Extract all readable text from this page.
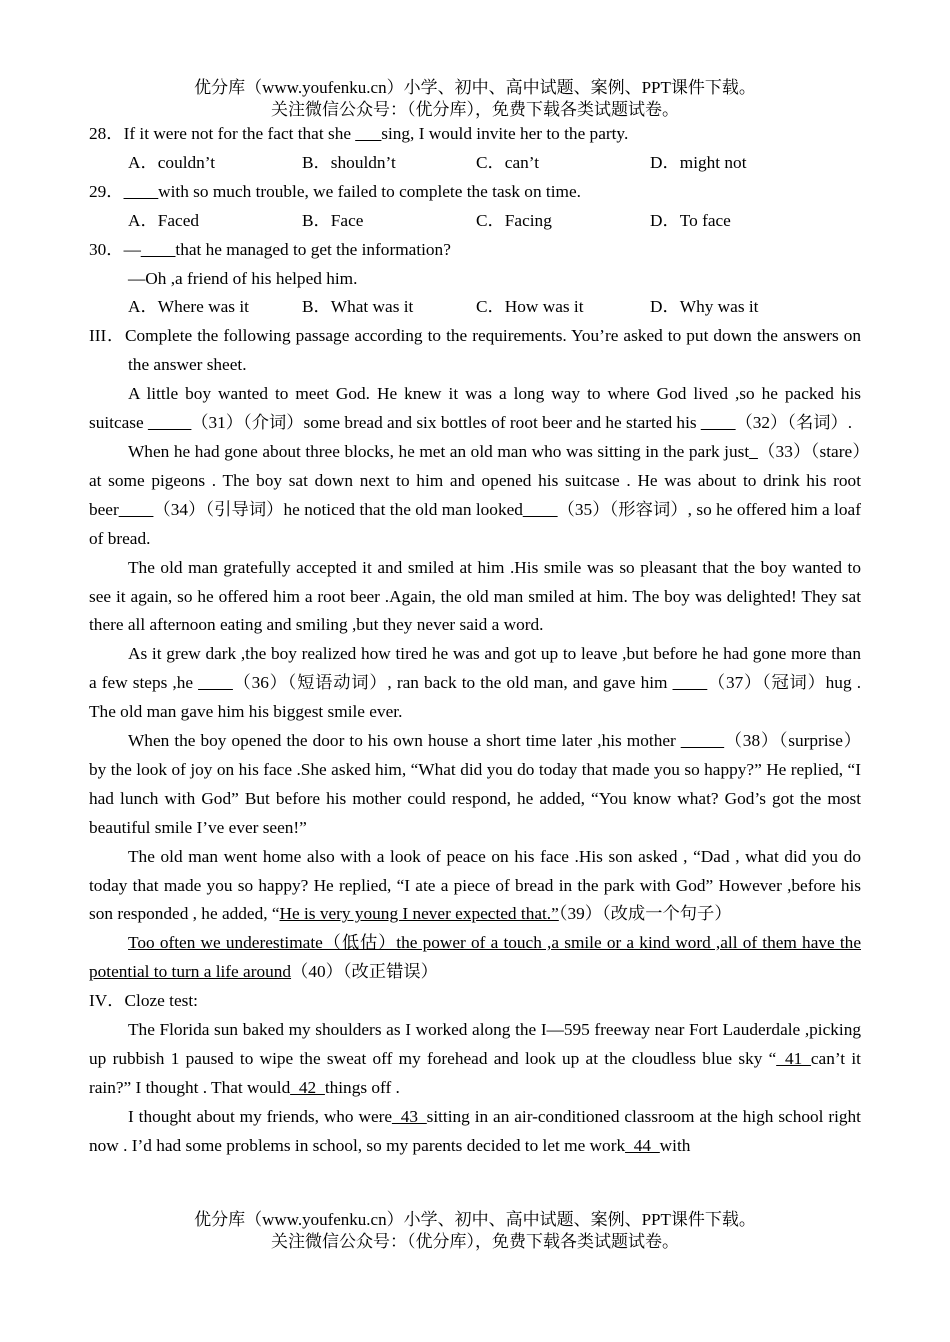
优分库（www.youfenku.cn）小学、初中、高中试题、案例、PPT课件下载。
关注微信公众号：（优分库），免费下载各类试题试卷。
28．If it were not for the fact that she ___sing, I would invite her to the party.
A．couldn’t	B．shouldn’t	C．can’t	D．might not
29．____with so much trouble, we failed to complete the task on time.
A．Faced	B．Face	C．Facing	D．To face
30．—____that he managed to get the information?
—Oh ,a friend of his helped him.
A．Where was it	B．What was it	C．How was it	D．Why was it
III．Complete the following passage according to the requirements. You’re asked to put down the answers on the answer sheet.
A little boy wanted to meet God. He knew it was a long way to where God lived ,so he packed his suitcase _____（31）（介词）some bread and six bottles of root beer and he started his ____（32）（名词）.
When he had gone about three blocks, he met an old man who was sitting in the park just_（33）（stare）at some pigeons . The boy sat down next to him and opened his suitcase . He was about to drink his root beer____（34）（引导词）he noticed that the old man looked____（35）（形容词）, so he offered him a loaf of bread.
The old man gratefully accepted it and smiled at him .His smile was so pleasant that the boy wanted to see it again, so he offered him a root beer .Again, the old man smiled at him. The boy was delighted! They sat there all afternoon eating and smiling ,but they never said a word.
As it grew dark ,the boy realized how tired he was and got up to leave ,but before he had gone more than a few steps ,he ____（36）（短语动词）, ran back to the old man, and gave him ____（37）（冠词）hug . The old man gave him his biggest smile ever.
When the boy opened the door to his own house a short time later ,his mother _____（38）（surprise）by the look of joy on his face .She asked him, “What did you do today that made you so happy?” He replied, “I had lunch with God” But before his mother could respond, he added, “You know what? God’s got the most beautiful smile I’ve ever seen!”
The old man went home also with a look of peace on his face .His son asked , “Dad , what did you do today that made you so happy? He replied, “I ate a piece of bread in the park with God” However ,before his son responded , he added, “He is very young I never expected that.”（39）（改成一个句子）
Too often we underestimate（低估）the power of a touch ,a smile or a kind word ,all of them have the potential to turn a life around（40）（改正错误）
IV．Cloze test:
The Florida sun baked my shoulders as I worked along the I—595 freeway near Fort Lauderdale ,picking up rubbish 1 paused to wipe the sweat off my forehead and look up at the cloudless blue sky “_41_can’t it rain?” I thought . That would_42_things off .
I thought about my friends, who were_43_sitting in an air-conditioned classroom at the high school right now . I’d had some problems in school, so my parents decided to let me work_44_with
优分库（www.youfenku.cn）小学、初中、高中试题、案例、PPT课件下载。
关注微信公众号：（优分库），免费下载各类试题试卷。
